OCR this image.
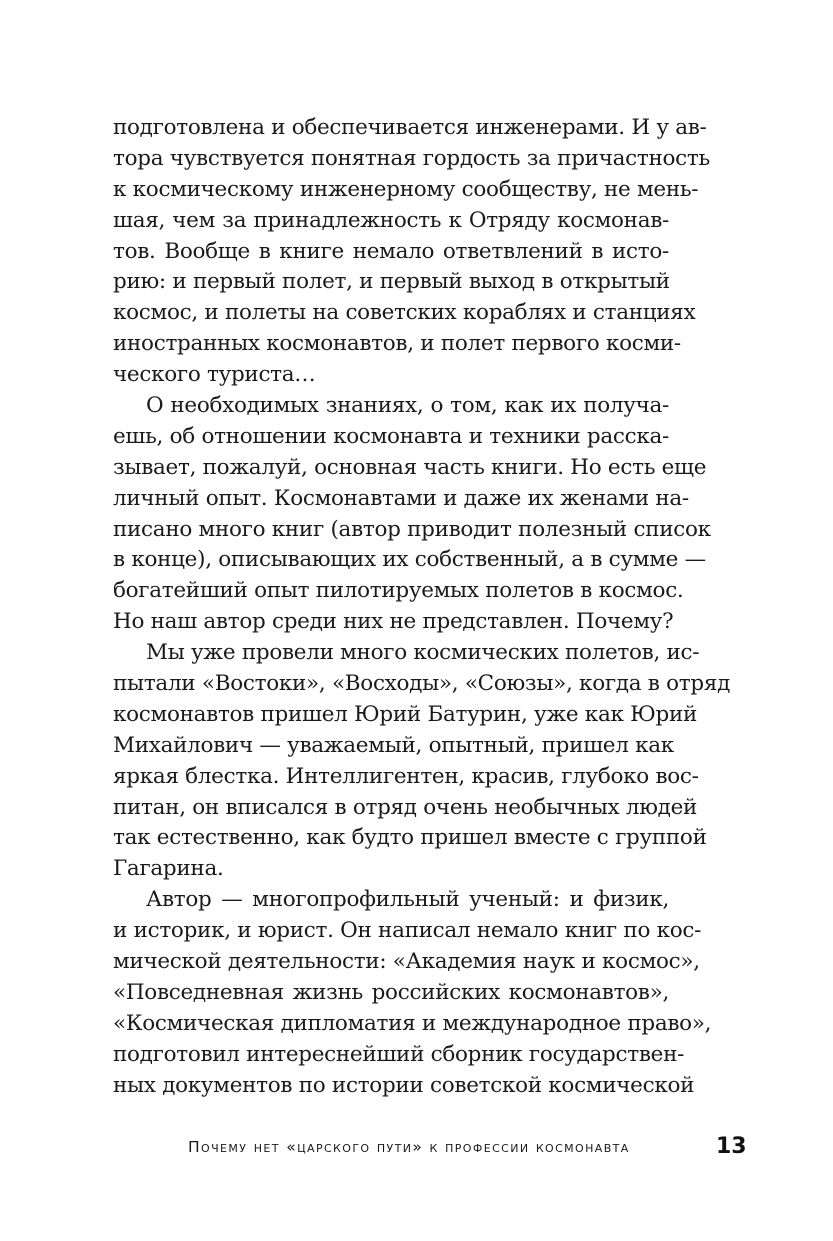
подготовлена и обеспечивается инженерами. И у ав-
тора чувствуется понятная гордость за причастность
к космическому инженерному сообществу, не мень-
шая, чем за принадлежность к Отряду космонав-
тов. Вообще в книге немало ответвлений в исто-
рию: и первый полет, и первый выход в открытый
космос, и полеты на советских кораблях и станциях
иностранных космонавтов, и полет первого косми-
ческого туриста…
О необходимых знаниях, о том, как их получа-
ешь, об отношении космонавта и техники расска-
зывает, пожалуй, основная часть книги. Но есть еще
личный опыт. Космонавтами и даже их женами на-
писано много книг (автор приводит полезный список
в конце), описывающих их собственный, а в сумме —
богатейший опыт пилотируемых полетов в космос.
Но наш автор среди них не представлен. Почему?
Мы уже провели много космических полетов, ис-
пытали «Востоки», «Восходы», «Союзы», когда в отряд
космонавтов пришел Юрий Батурин, уже как Юрий
Михайлович — уважаемый, опытный, пришел как
яркая блестка. Интеллигентен, красив, глубоко вос-
питан, он вписался в отряд очень необычных людей
так естественно, как будто пришел вместе с группой
Гагарина.
Автор — многопрофильный ученый: и физик,
и историк, и юрист. Он написал немало книг по кос-
мической деятельности: «Академия наук и космос»,
«Повседневная жизнь российских космонавтов»,
«Космическая дипломатия и международное право»,
подготовил интереснейший сборник государствен-
ных документов по истории советской космической
Почему нет «царского пути» к профессии космонавта	13
